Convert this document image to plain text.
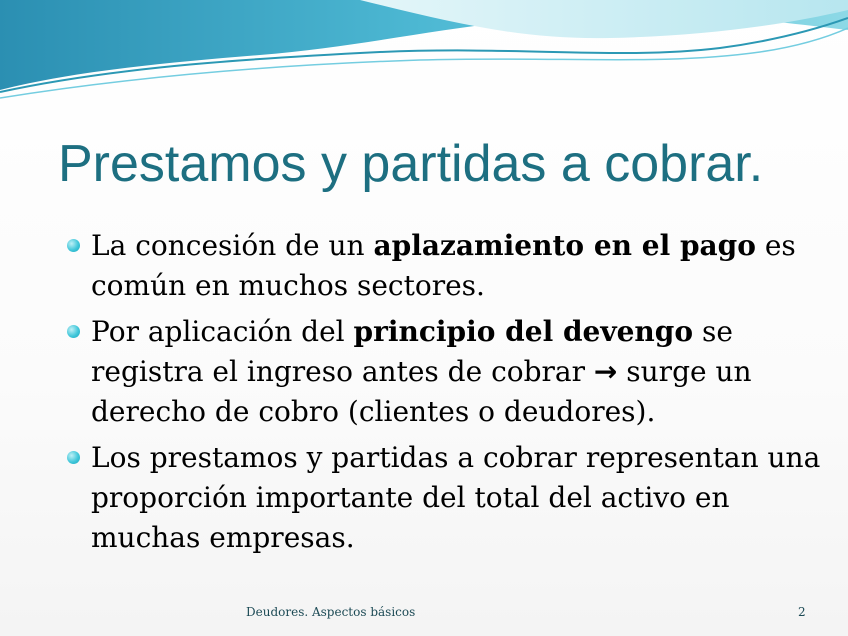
Prestamos y partidas a cobrar.
La concesión de un aplazamiento en el pago es común en muchos sectores.
Por aplicación del principio del devengo se registra el ingreso antes de cobrar → surge un derecho de cobro (clientes o deudores).
Los prestamos y partidas a cobrar representan una proporción importante del total del activo en muchas empresas.
Deudores. Aspectos básicos	2
